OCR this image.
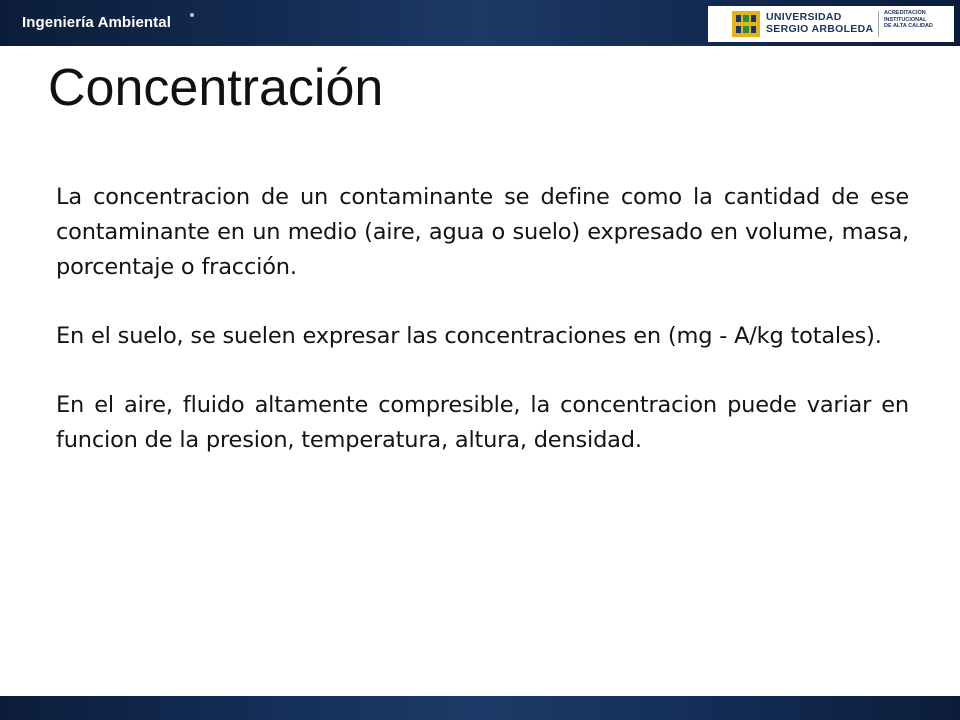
Ingeniería Ambiental	UNIVERSIDAD
SERGIO ARBOLEDA
ACREDITACIÓN
INSTITUCIONAL
DE ALTA CALIDAD
Concentración

La concentracion de un contaminante se define como la cantidad de ese contaminante en un medio (aire, agua o suelo) expresado en volume, masa, porcentaje o fracción.

En el suelo, se suelen expresar las concentraciones en (mg - A/kg totales).

En el aire, fluido altamente compresible, la concentracion puede variar en funcion de la presion, temperatura, altura, densidad.
